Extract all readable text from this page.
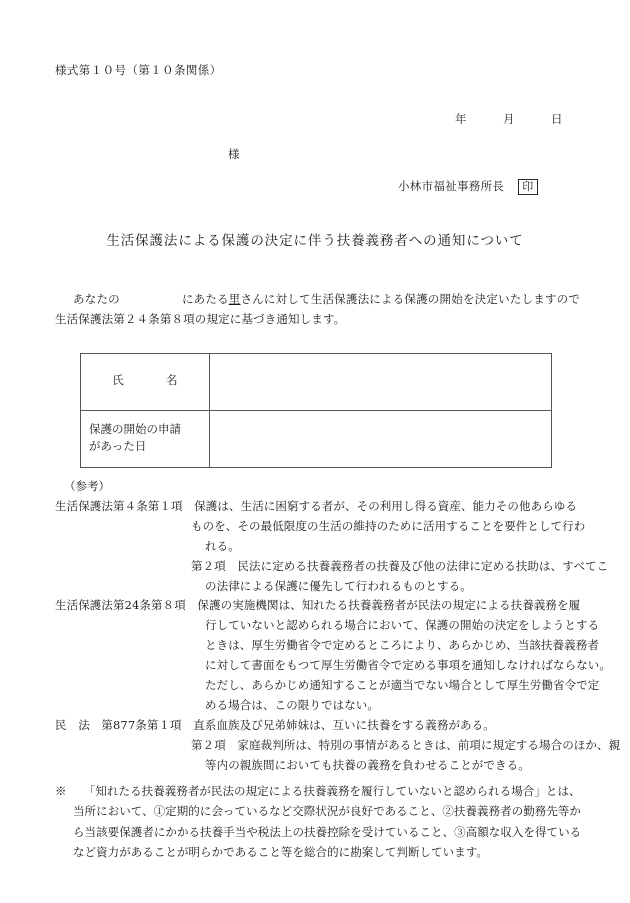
様式第１０号（第１０条関係）
年　　　月　　　日
様
小林市福祉事務所長	印
生活保護法による保護の決定に伴う扶養義務者への通知について
あなたの	にあたる里さんに対して生活保護法による保護の開始を決定いたしますので生活保護法第２４条第８項の規定に基づき通知します。
氏 名	

保護の開始の申請
があった日	
（参考）
生活保護法第４条第１項　保護は、生活に困窮する者が、その利用し得る資産、能力その他あらゆる
ものを、その最低限度の生活の維持のために活用することを要件として行わ
れる。
第２項　民法に定める扶養義務者の扶養及び他の法律に定める扶助は、すべてこ
の法律による保護に優先して行われるものとする。
生活保護法第24条第８項　保護の実施機関は、知れたる扶養義務者が民法の規定による扶養義務を履
行していないと認められる場合において、保護の開始の決定をしようとする
ときは、厚生労働省令で定めるところにより、あらかじめ、当該扶養義務者
に対して書面をもつて厚生労働省令で定める事項を通知しなければならない。
ただし、あらかじめ通知することが適当でない場合として厚生労働省令で定
める場合は、この限りではない。
民　法　第877条第１項　直系血族及び兄弟姉妹は、互いに扶養をする義務がある。
第２項　家庭裁判所は、特別の事情があるときは、前項に規定する場合のほか、親
等内の親族間においても扶養の義務を負わせることができる。
※　　「知れたる扶養義務者が民法の規定による扶養義務を履行していないと認められる場合」とは、
当所において、①定期的に会っているなど交際状況が良好であること、②扶養義務者の勤務先等か
ら当該要保護者にかかる扶養手当や税法上の扶養控除を受けていること、③高額な収入を得ている
など資力があることが明らかであること等を総合的に勘案して判断しています。
